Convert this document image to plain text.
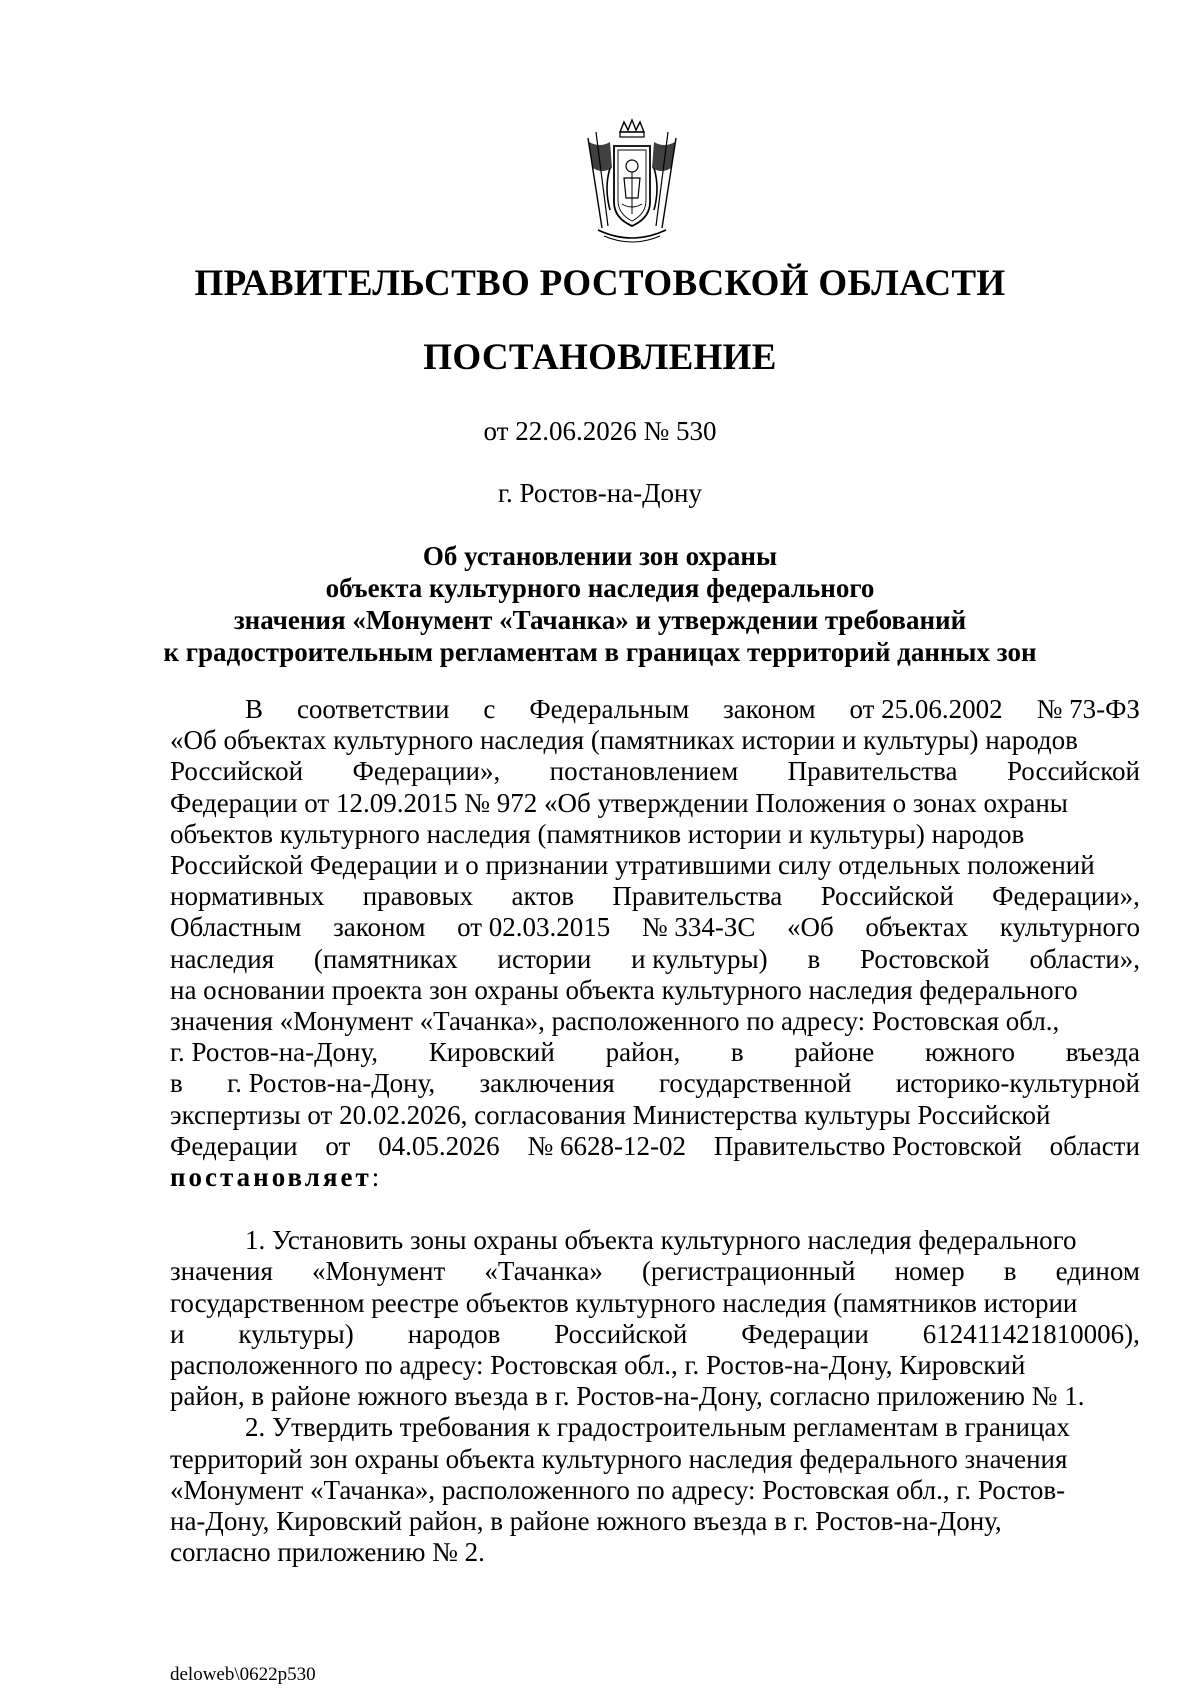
ПРАВИТЕЛЬСТВО РОСТОВСКОЙ ОБЛАСТИ
ПОСТАНОВЛЕНИЕ
от 22.06.2026 № 530
г. Ростов-на-Дону
Об установлении зон охраны
объекта культурного наследия федерального
значения «Монумент «Тачанка» и утверждении требований
к градостроительным регламентам в границах территорий данных зон
В соответствии с Федеральным законом от 25.06.2002 № 73-ФЗ
«Об объектах культурного наследия (памятниках истории и культуры) народов
Российской Федерации», постановлением Правительства Российской
Федерации от 12.09.2015 № 972 «Об утверждении Положения о зонах охраны
объектов культурного наследия (памятников истории и культуры) народов
Российской Федерации и о признании утратившими силу отдельных положений
нормативных правовых актов Правительства Российской Федерации»,
Областным законом от 02.03.2015 № 334-ЗС «Об объектах культурного
наследия (памятниках истории и культуры) в Ростовской области»,
на основании проекта зон охраны объекта культурного наследия федерального
значения «Монумент «Тачанка», расположенного по адресу: Ростовская обл.,
г. Ростов-на-Дону, Кировский район, в районе южного въезда
в г. Ростов-на-Дону, заключения государственной историко-культурной
экспертизы от 20.02.2026, согласования Министерства культуры Российской
Федерации от 04.05.2026 № 6628-12-02 Правительство Ростовской области
постановляет:
1. Установить зоны охраны объекта культурного наследия федерального
значения «Монумент «Тачанка» (регистрационный номер в едином
государственном реестре объектов культурного наследия (памятников истории
и культуры) народов Российской Федерации 612411421810006),
расположенного по адресу: Ростовская обл., г. Ростов-на-Дону, Кировский
район, в районе южного въезда в г. Ростов-на-Дону, согласно приложению № 1.
2. Утвердить требования к градостроительным регламентам в границах
территорий зон охраны объекта культурного наследия федерального значения
«Монумент «Тачанка», расположенного по адресу: Ростовская обл., г. Ростов-
на-Дону, Кировский район, в районе южного въезда в г. Ростов-на-Дону,
согласно приложению № 2.
deloweb\0622p530
